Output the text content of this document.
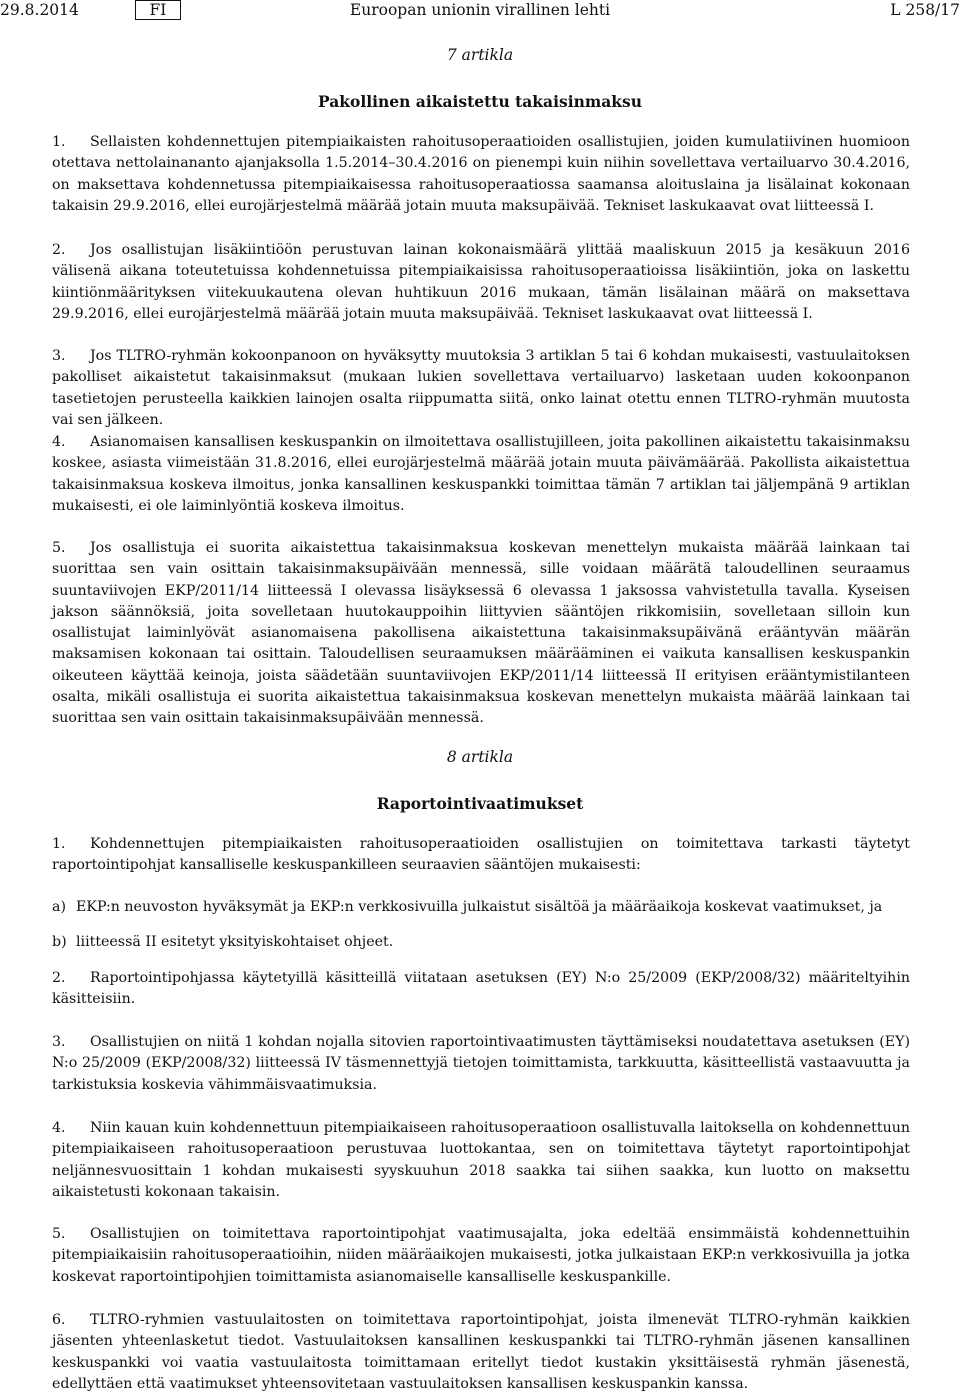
29.8.2014	FI	Euroopan unionin virallinen lehti	L 258/17
7 artikla
Pakollinen aikaistettu takaisinmaksu
1. Sellaisten kohdennettujen pitempiaikaisten rahoitusoperaatioiden osallistujien, joiden kumulatiivinen huomioon otettava nettolainananto ajanjaksolla 1.5.2014–30.4.2016 on pienempi kuin niihin sovellettava vertailuarvo 30.4.2016, on maksettava kohdennetussa pitempiaikaisessa rahoitusoperaatiossa saamansa aloituslaina ja lisälainat kokonaan takaisin 29.9.2016, ellei eurojärjestelmä määrää jotain muuta maksupäivää. Tekniset laskukaavat ovat liitteessä I.
2. Jos osallistujan lisäkiintiöön perustuvan lainan kokonaismäärä ylittää maaliskuun 2015 ja kesäkuun 2016 välisenä aikana toteutetuissa kohdennetuissa pitempiaikaisissa rahoitusoperaatioissa lisäkiintiön, joka on laskettu kiintiönmäärityksen viitekuukautena olevan huhtikuun 2016 mukaan, tämän lisälainan määrä on maksettava 29.9.2016, ellei eurojärjestelmä määrää jotain muuta maksupäivää. Tekniset laskukaavat ovat liitteessä I.
3. Jos TLTRO-ryhmän kokoonpanoon on hyväksytty muutoksia 3 artiklan 5 tai 6 kohdan mukaisesti, vastuulaitoksen pakolliset aikaistetut takaisinmaksut (mukaan lukien sovellettava vertailuarvo) lasketaan uuden kokoonpanon tasetietojen perusteella kaikkien lainojen osalta riippumatta siitä, onko lainat otettu ennen TLTRO-ryhmän muutosta vai sen jälkeen.
4. Asianomaisen kansallisen keskuspankin on ilmoitettava osallistujilleen, joita pakollinen aikaistettu takaisinmaksu koskee, asiasta viimeistään 31.8.2016, ellei eurojärjestelmä määrää jotain muuta päivämäärää. Pakollista aikaistettua takaisinmaksua koskeva ilmoitus, jonka kansallinen keskuspankki toimittaa tämän 7 artiklan tai jäljempänä 9 artiklan mukaisesti, ei ole laiminlyöntiä koskeva ilmoitus.
5. Jos osallistuja ei suorita aikaistettua takaisinmaksua koskevan menettelyn mukaista määrää lainkaan tai suorittaa sen vain osittain takaisinmaksupäivään mennessä, sille voidaan määrätä taloudellinen seuraamus suuntaviivojen EKP/2011/14 liitteessä I olevassa lisäyksessä 6 olevassa 1 jaksossa vahvistetulla tavalla. Kyseisen jakson säännöksiä, joita sovelletaan huutokauppoihin liittyvien sääntöjen rikkomisiin, sovelletaan silloin kun osallistujat laiminlyövät asianomaisena pakollisena aikaistettuna takaisinmaksupäivänä erääntyvän määrän maksamisen kokonaan tai osittain. Taloudellisen seuraamuksen määrääminen ei vaikuta kansallisen keskuspankin oikeuteen käyttää keinoja, joista säädetään suuntaviivojen EKP/2011/14 liitteessä II erityisen erääntymistilanteen osalta, mikäli osallistuja ei suorita aikaistettua takaisinmaksua koskevan menettelyn mukaista määrää lainkaan tai suorittaa sen vain osittain takaisinmaksupäivään mennessä.
8 artikla
Raportointivaatimukset
1. Kohdennettujen pitempiaikaisten rahoitusoperaatioiden osallistujien on toimitettava tarkasti täytetyt raportointipohjat kansalliselle keskuspankilleen seuraavien sääntöjen mukaisesti:
a) EKP:n neuvoston hyväksymät ja EKP:n verkkosivuilla julkaistut sisältöä ja määräaikoja koskevat vaatimukset, ja
b) liitteessä II esitetyt yksityiskohtaiset ohjeet.
2. Raportointipohjassa käytetyillä käsitteillä viitataan asetuksen (EY) N:o 25/2009 (EKP/2008/32) määriteltyihin käsitteisiin.
3. Osallistujien on niitä 1 kohdan nojalla sitovien raportointivaatimusten täyttämiseksi noudatettava asetuksen (EY) N:o 25/2009 (EKP/2008/32) liitteessä IV täsmennettyjä tietojen toimittamista, tarkkuutta, käsitteellistä vastaavuutta ja tarkistuksia koskevia vähimmäisvaatimuksia.
4. Niin kauan kuin kohdennettuun pitempiaikaiseen rahoitusoperaatioon osallistuvalla laitoksella on kohdennettuun pitempiaikaiseen rahoitusoperaatioon perustuvaa luottokantaa, sen on toimitettava täytetyt raportointipohjat neljännesvuosittain 1 kohdan mukaisesti syyskuuhun 2018 saakka tai siihen saakka, kun luotto on maksettu aikaistetusti kokonaan takaisin.
5. Osallistujien on toimitettava raportointipohjat vaatimusajalta, joka edeltää ensimmäistä kohdennettuihin pitempiaikaisiin rahoitusoperaatioihin, niiden määräaikojen mukaisesti, jotka julkaistaan EKP:n verkkosivuilla ja jotka koskevat raportointipohjien toimittamista asianomaiselle kansalliselle keskuspankille.
6. TLTRO-ryhmien vastuulaitosten on toimitettava raportointipohjat, joista ilmenevät TLTRO-ryhmän kaikkien jäsenten yhteenlasketut tiedot. Vastuulaitoksen kansallinen keskuspankki tai TLTRO-ryhmän jäsenen kansallinen keskuspankki voi vaatia vastuulaitosta toimittamaan eritellyt tiedot kustakin yksittäisestä ryhmän jäsenestä, edellyttäen että vaatimukset yhteensovitetaan vastuulaitoksen kansallisen keskuspankin kanssa.
